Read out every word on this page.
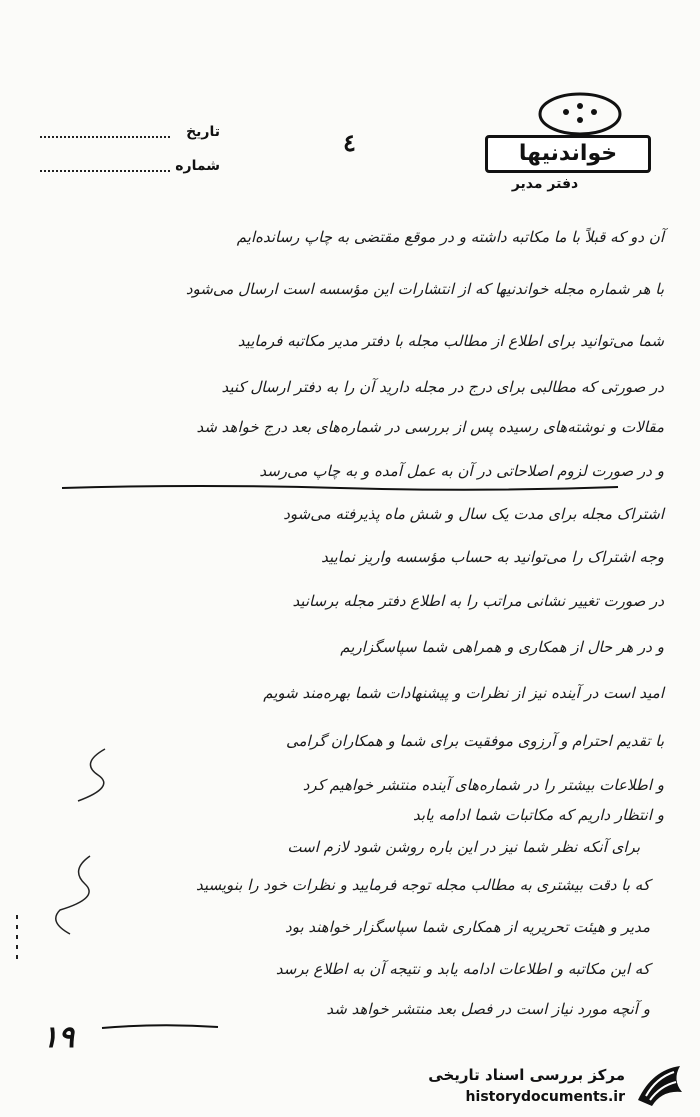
خواندنیها
دفتر مدیر
تاریخ
شماره
٤
آن دو که قبلاً با ما مکاتبه داشته و در موقع مقتضی به چاپ رسانده‌ایم
با هر شماره مجله خواندنیها که از انتشارات این مؤسسه است ارسال می‌شود
شما می‌توانید برای اطلاع از مطالب مجله با دفتر مدیر مکاتبه فرمایید
در صورتی که مطالبی برای درج در مجله دارید آن را به دفتر ارسال کنید
مقالات و نوشته‌های رسیده پس از بررسی در شماره‌های بعد درج خواهد شد
و در صورت لزوم اصلاحاتی در آن به عمل آمده و به چاپ می‌رسد
اشتراک مجله برای مدت یک سال و شش ماه پذیرفته می‌شود
وجه اشتراک را می‌توانید به حساب مؤسسه واریز نمایید
در صورت تغییر نشانی مراتب را به اطلاع دفتر مجله برسانید
و در هر حال از همکاری و همراهی شما سپاسگزاریم
امید است در آینده نیز از نظرات و پیشنهادات شما بهره‌مند شویم
با تقدیم احترام و آرزوی موفقیت برای شما و همکاران گرامی
و اطلاعات بیشتر را در شماره‌های آینده منتشر خواهیم کرد
و انتظار داریم که مکاتبات شما ادامه یابد
برای آنکه نظر شما نیز در این باره روشن شود لازم است
که با دقت بیشتری به مطالب مجله توجه فرمایید و نظرات خود را بنویسید
مدیر و هیئت تحریریه از همکاری شما سپاسگزار خواهند بود
که این مکاتبه و اطلاعات ادامه یابد و نتیجه آن به اطلاع برسد
و آنچه مورد نیاز است در فصل بعد منتشر خواهد شد
١٩
مرکز بررسی اسناد تاریخی
historydocuments.ir
